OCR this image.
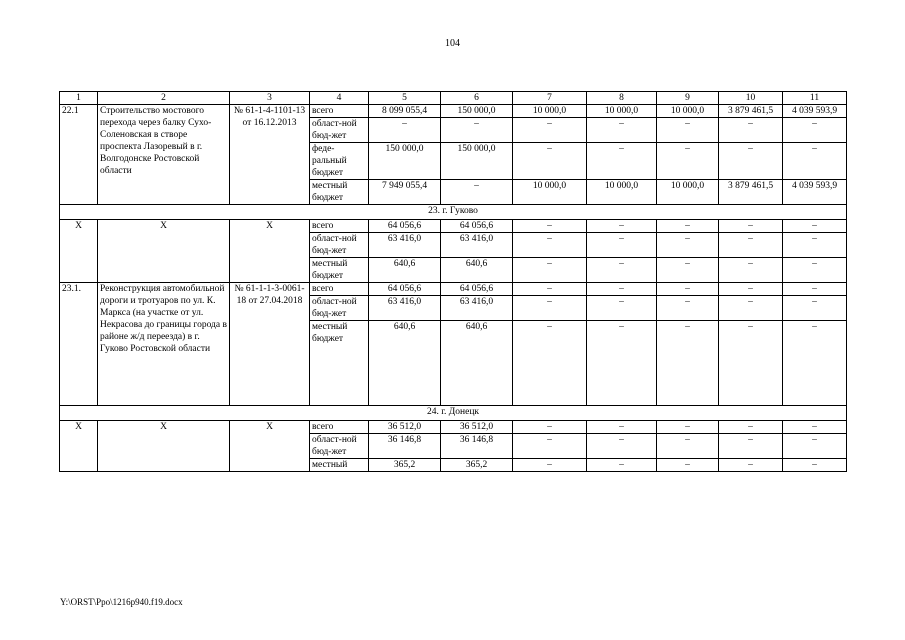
104
1	2	3	4	5	6	7	8	9	10	11
22.1	Строительство мостового перехода через балку Сухо-Соленовская в створе проспекта Лазоревый в г. Волгодонске Ростовской области	№ 61-1-4-1101-13 от 16.12.2013	всего	8 099 055,4	150 000,0	10 000,0	10 000,0	10 000,0	3 879 461,5	4 039 593,9
			област-ной бюд-жет	–	–	–	–	–	–	–
			феде-ральный бюджет	150 000,0	150 000,0	–	–	–	–	–
			местный бюджет	7 949 055,4	–	10 000,0	10 000,0	10 000,0	3 879 461,5	4 039 593,9
23. г. Гуково										
Х	Х	Х	всего	64 056,6	64 056,6	–	–	–	–	–
			област-ной бюд-жет	63 416,0	63 416,0	–	–	–	–	–
			местный бюджет	640,6	640,6	–	–	–	–	–
23.1.	Реконструкция автомобильной дороги и тротуаров по ул. К. Маркса (на участке от ул. Некрасова до границы города в районе ж/д переезда) в г. Гуково Ростовской области	№ 61-1-1-3-0061-18 от 27.04.2018	всего	64 056,6	64 056,6	–	–	–	–	–
			област-ной бюд-жет	63 416,0	63 416,0	–	–	–	–	–
			местный бюджет	640,6	640,6	–	–	–	–	–
24. г. Донецк										
Х	Х	Х	всего	36 512,0	36 512,0	–	–	–	–	–
			област-ной бюд-жет	36 146,8	36 146,8	–	–	–	–	–
			местный	365,2	365,2	–	–	–	–	–
Y:\ORST\Ppo\1216p940.f19.docx
